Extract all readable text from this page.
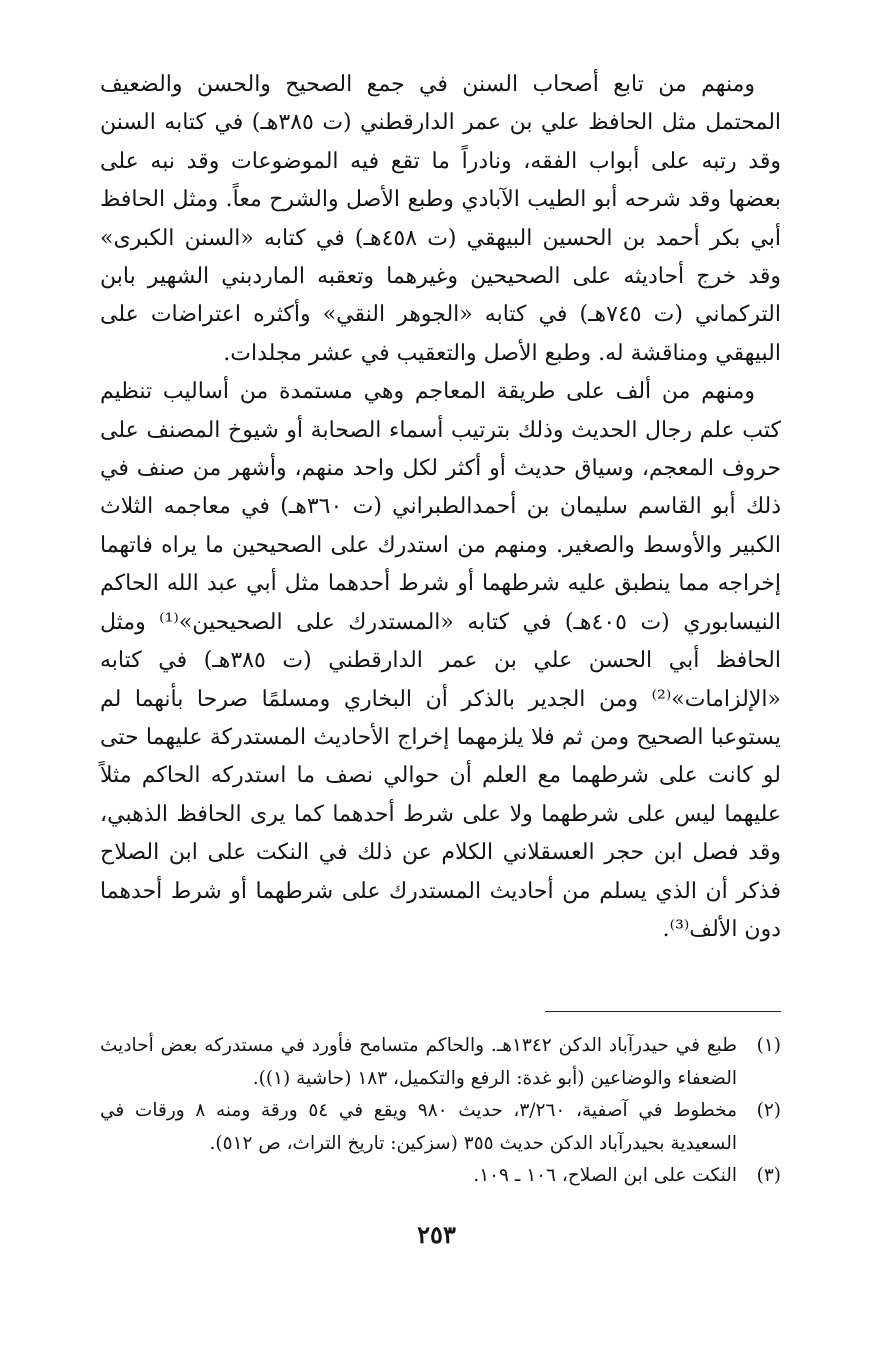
ومنهم من تابع أصحاب السنن في جمع الصحيح والحسن والضعيف المحتمل مثل الحافظ علي بن عمر الدارقطني (ت ٣٨٥هـ) في كتابه السنن وقد رتبه على أبواب الفقه، ونادراً ما تقع فيه الموضوعات وقد نبه على بعضها وقد شرحه أبو الطيب الآبادي وطبع الأصل والشرح معاً. ومثل الحافظ أبي بكر أحمد بن الحسين البيهقي (ت ٤٥٨هـ) في كتابه «السنن الكبرى» وقد خرج أحاديثه على الصحيحين وغيرهما وتعقبه الماردبني الشهير بابن التركماني (ت ٧٤٥هـ) في كتابه «الجوهر النقي» وأكثره اعتراضات على البيهقي ومناقشة له. وطبع الأصل والتعقيب في عشر مجلدات.

ومنهم من ألف على طريقة المعاجم وهي مستمدة من أساليب تنظيم كتب علم رجال الحديث وذلك بترتيب أسماء الصحابة أو شيوخ المصنف على حروف المعجم، وسياق حديث أو أكثر لكل واحد منهم، وأشهر من صنف في ذلك أبو القاسم سليمان بن أحمدالطبراني (ت ٣٦٠هـ) في معاجمه الثلاث الكبير والأوسط والصغير. ومنهم من استدرك على الصحيحين ما يراه فاتهما إخراجه مما ينطبق عليه شرطهما أو شرط أحدهما مثل أبي عبد الله الحاكم النيسابوري (ت ٤٠٥هـ) في كتابه «المستدرك على الصحيحين»⁽¹⁾ ومثل الحافظ أبي الحسن علي بن عمر الدارقطني (ت ٣٨٥هـ) في كتابه «الإلزامات»⁽²⁾ ومن الجدير بالذكر أن البخاري ومسلمًا صرحا بأنهما لم يستوعبا الصحيح ومن ثم فلا يلزمهما إخراج الأحاديث المستدركة عليهما حتى لو كانت على شرطهما مع العلم أن حوالي نصف ما استدركه الحاكم مثلاً عليهما ليس على شرطهما ولا على شرط أحدهما كما يرى الحافظ الذهبي، وقد فصل ابن حجر العسقلاني الكلام عن ذلك في النكت على ابن الصلاح فذكر أن الذي يسلم من أحاديث المستدرك على شرطهما أو شرط أحدهما دون الألف⁽³⁾.

(١)
طبع في حيدرآباد الدكن ١٣٤٢هـ. والحاكم متسامح فأورد في مستدركه بعض أحاديث الضعفاء والوضاعين (أبو غدة: الرفع والتكميل، ١٨٣ (حاشية (١)).
(٢)
مخطوط في آصفية، ٣/٢٦٠، حديث ٩٨٠ ويقع في ٥٤ ورقة ومنه ٨ ورقات في السعيدية بحيدرآباد الدكن حديث ٣٥٥ (سزكين: تاريخ التراث، ص ٥١٢).
(٣)
النكت على ابن الصلاح، ١٠٦ ـ ١٠٩.
٢٥٣
